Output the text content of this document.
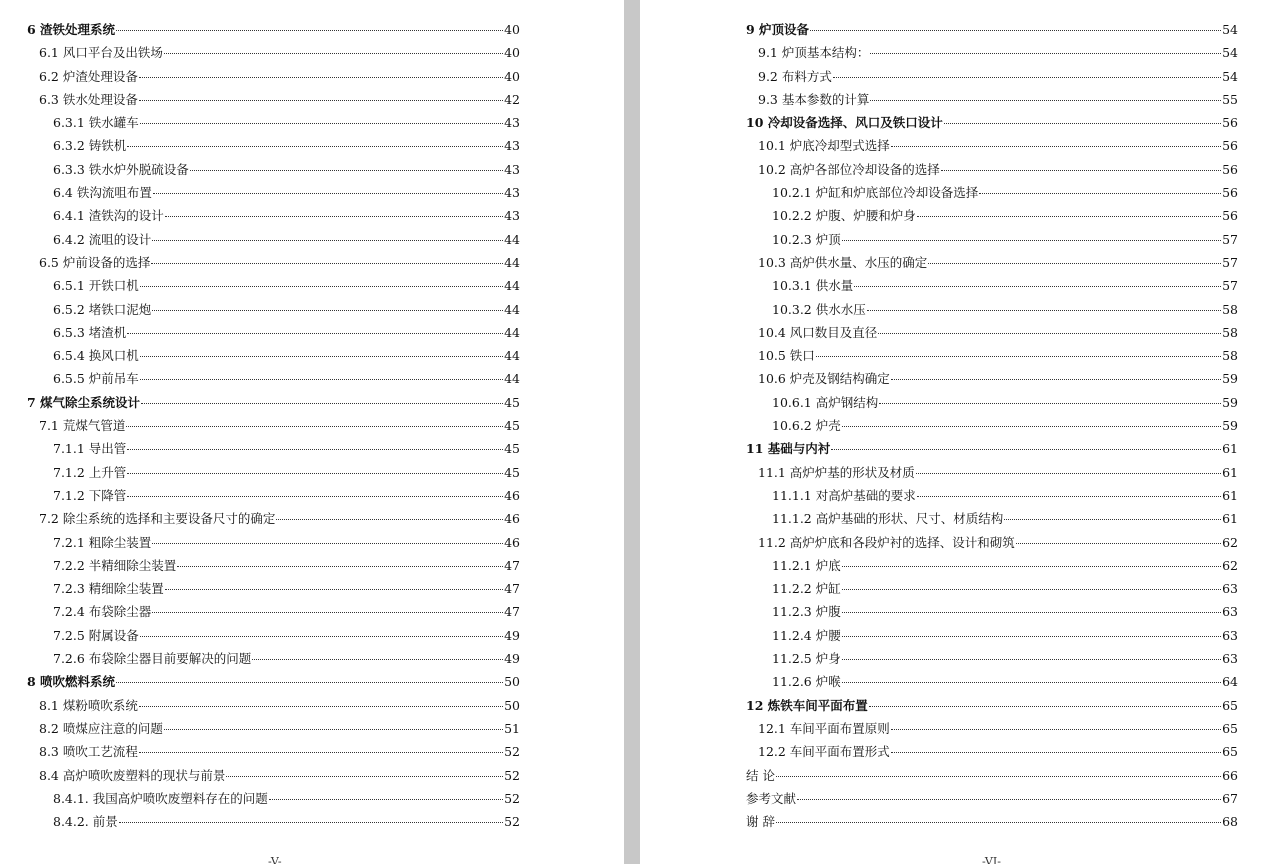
6 渣铁处理系统	40
6.1 风口平台及出铁场	40
6.2 炉渣处理设备	40
6.3 铁水处理设备	42
6.3.1 铁水罐车	43
6.3.2 铸铁机	43
6.3.3 铁水炉外脱硫设备	43
6.4 铁沟流咀布置	43
6.4.1 渣铁沟的设计	43
6.4.2 流咀的设计	44
6.5 炉前设备的选择	44
6.5.1 开铁口机	44
6.5.2 堵铁口泥炮	44
6.5.3 堵渣机	44
6.5.4 换风口机	44
6.5.5 炉前吊车	44
7 煤气除尘系统设计	45
7.1 荒煤气管道	45
7.1.1 导出管	45
7.1.2 上升管	45
7.1.2 下降管	46
7.2 除尘系统的选择和主要设备尺寸的确定	46
7.2.1 粗除尘装置	46
7.2.2 半精细除尘装置	47
7.2.3 精细除尘装置	47
7.2.4 布袋除尘器	47
7.2.5 附属设备	49
7.2.6 布袋除尘器目前要解决的问题	49
8 喷吹燃料系统	50
8.1 煤粉喷吹系统	50
8.2 喷煤应注意的问题	51
8.3 喷吹工艺流程	52
8.4 高炉喷吹废塑料的现状与前景	52
8.4.1. 我国高炉喷吹废塑料存在的问题	52
8.4.2. 前景	52
-V-
9 炉顶设备	54
9.1 炉顶基本结构：	54
9.2 布料方式	54
9.3 基本参数的计算	55
10 冷却设备选择、风口及铁口设计	56
10.1 炉底冷却型式选择	56
10.2 高炉各部位冷却设备的选择	56
10.2.1 炉缸和炉底部位冷却设备选择	56
10.2.2 炉腹、炉腰和炉身	56
10.2.3 炉顶	57
10.3 高炉供水量、水压的确定	57
10.3.1 供水量	57
10.3.2 供水水压	58
10.4 风口数目及直径	58
10.5 铁口	58
10.6 炉壳及钢结构确定	59
10.6.1 高炉钢结构	59
10.6.2 炉壳	59
11 基础与内衬	61
11.1 高炉炉基的形状及材质	61
11.1.1 对高炉基础的要求	61
11.1.2 高炉基础的形状、尺寸、材质结构	61
11.2 高炉炉底和各段炉衬的选择、设计和砌筑	62
11.2.1 炉底	62
11.2.2 炉缸	63
11.2.3 炉腹	63
11.2.4 炉腰	63
11.2.5 炉身	63
11.2.6 炉喉	64
12 炼铁车间平面布置	65
12.1 车间平面布置原则	65
12.2 车间平面布置形式	65
结 论	66
参考文献	67
谢 辞	68
-VI-
